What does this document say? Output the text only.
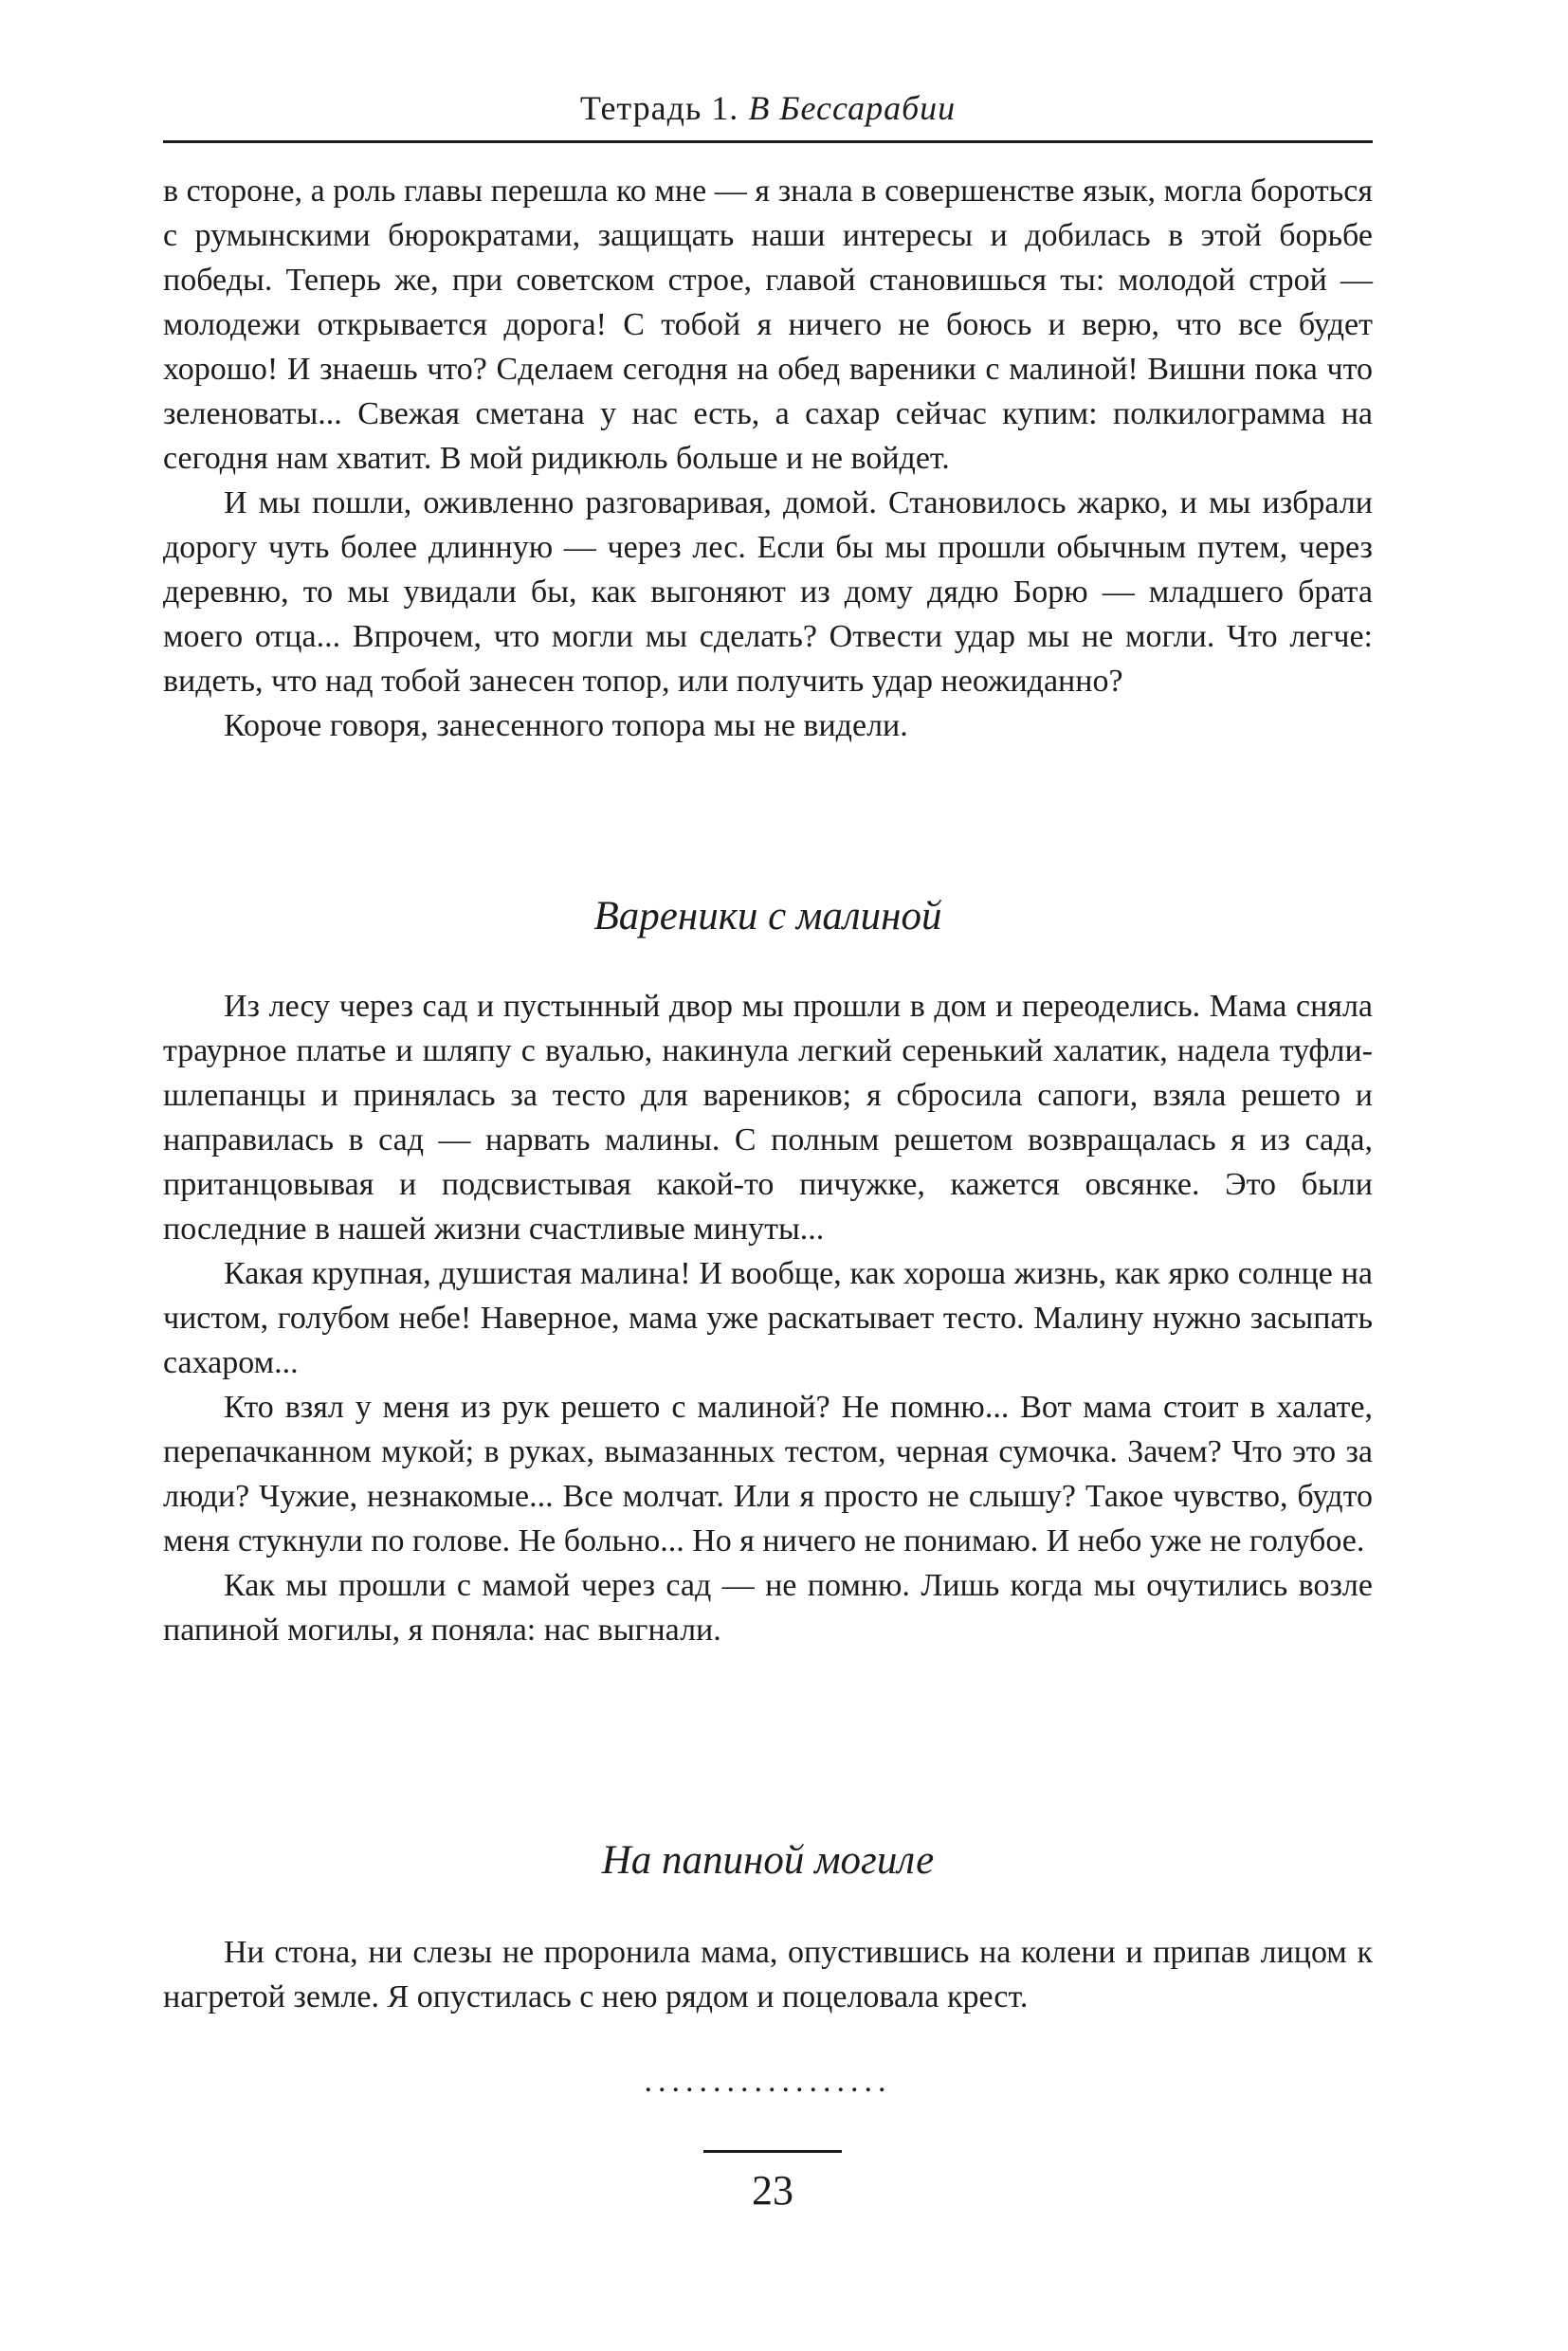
Тетрадь 1. В Бессарабии

в стороне, а роль главы перешла ко мне — я знала в совершенстве язык, могла бороться с румынскими бюрократами, защищать наши интересы и добилась в этой борьбе победы. Теперь же, при советском строе, главой становишься ты: молодой строй — молодежи открывается дорога! С тобой я ничего не боюсь и верю, что все будет хорошо! И знаешь что? Сделаем сегодня на обед вареники с малиной! Вишни пока что зеленоваты... Свежая сметана у нас есть, а сахар сейчас купим: полкилограмма на сегодня нам хватит. В мой ридикюль больше и не войдет.

И мы пошли, оживленно разговаривая, домой. Становилось жарко, и мы избрали дорогу чуть более длинную — через лес. Если бы мы прошли обычным путем, через деревню, то мы увидали бы, как выгоняют из дому дядю Борю — младшего брата моего отца... Впрочем, что могли мы сделать? Отвести удар мы не могли. Что легче: видеть, что над тобой занесен топор, или получить удар неожиданно?

Короче говоря, занесенного топора мы не видели.

Вареники с малиной

Из лесу через сад и пустынный двор мы прошли в дом и переоделись. Мама сняла траурное платье и шляпу с вуалью, накинула легкий серенький халатик, надела туфли-шлепанцы и принялась за тесто для вареников; я сбросила сапоги, взяла решето и направилась в сад — нарвать малины. С полным решетом возвращалась я из сада, пританцовывая и подсвистывая какой-то пичужке, кажется овсянке. Это были последние в нашей жизни счастливые минуты...

Какая крупная, душистая малина! И вообще, как хороша жизнь, как ярко солнце на чистом, голубом небе! Наверное, мама уже раскатывает тесто. Малину нужно засыпать сахаром...

Кто взял у меня из рук решето с малиной? Не помню... Вот мама стоит в халате, перепачканном мукой; в руках, вымазанных тестом, черная сумочка. Зачем? Что это за люди? Чужие, незнакомые... Все молчат. Или я просто не слышу? Такое чувство, будто меня стукнули по голове. Не больно... Но я ничего не понимаю. И небо уже не голубое.

Как мы прошли с мамой через сад — не помню. Лишь когда мы очутились возле папиной могилы, я поняла: нас выгнали.

На папиной могиле

Ни стона, ни слезы не проронила мама, опустившись на колени и припав лицом к нагретой земле. Я опустилась с нею рядом и поцеловала крест.

..................
23
